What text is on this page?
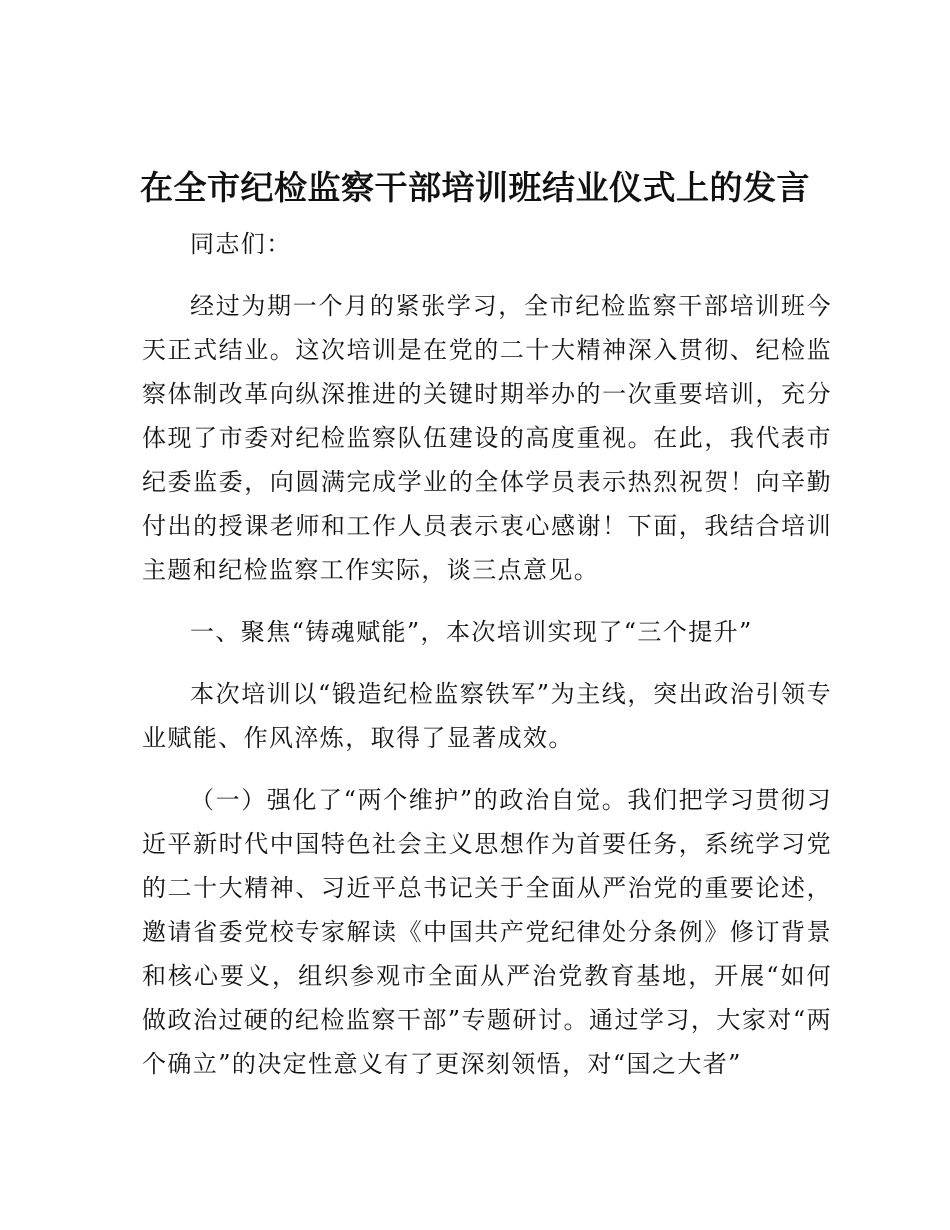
在全市纪检监察干部培训班结业仪式上的发言

同志们：

经过为期一个月的紧张学习，全市纪检监察干部培训班今天正式结业。这次培训是在党的二十大精神深入贯彻、纪检监察体制改革向纵深推进的关键时期举办的一次重要培训，充分体现了市委对纪检监察队伍建设的高度重视。在此，我代表市纪委监委，向圆满完成学业的全体学员表示热烈祝贺！向辛勤付出的授课老师和工作人员表示衷心感谢！下面，我结合培训主题和纪检监察工作实际，谈三点意见。

一、聚焦“铸魂赋能”，本次培训实现了“三个提升”

本次培训以“锻造纪检监察铁军”为主线，突出政治引领专业赋能、作风淬炼，取得了显著成效。

（一）强化了“两个维护”的政治自觉。我们把学习贯彻习近平新时代中国特色社会主义思想作为首要任务，系统学习党的二十大精神、习近平总书记关于全面从严治党的重要论述，邀请省委党校专家解读《中国共产党纪律处分条例》修订背景和核心要义，组织参观市全面从严治党教育基地，开展“如何做政治过硬的纪检监察干部”专题研讨。通过学习，大家对“两个确立”的决定性意义有了更深刻领悟，对“国之大者”
